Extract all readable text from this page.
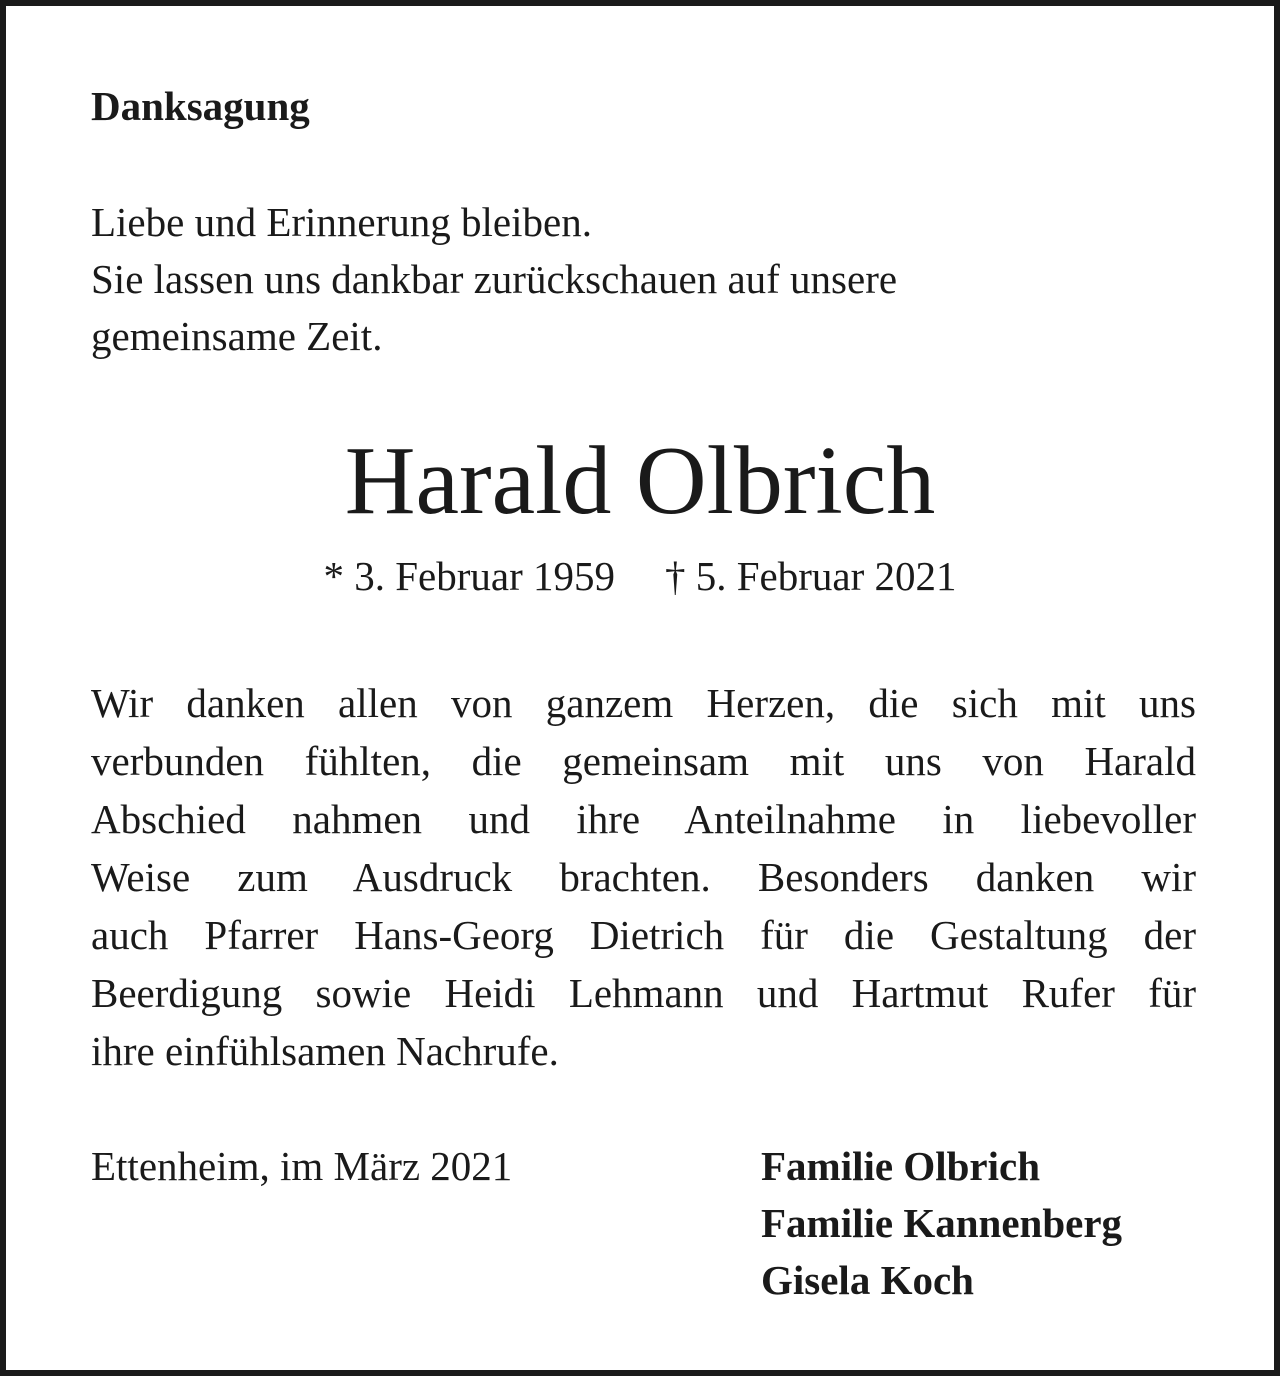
Danksagung
Liebe und Erinnerung bleiben.
Sie lassen uns dankbar zurückschauen auf unsere
gemeinsame Zeit.
Harald Olbrich
* 3. Februar 1959 † 5. Februar 2021
Wir danken allen von ganzem Herzen, die sich mit uns
verbunden fühlten, die gemeinsam mit uns von Harald
Abschied nahmen und ihre Anteilnahme in liebevoller
Weise zum Ausdruck brachten. Besonders danken wir
auch Pfarrer Hans-Georg Dietrich für die Gestaltung der
Beerdigung sowie Heidi Lehmann und Hartmut Rufer für
ihre einfühlsamen Nachrufe.
Ettenheim, im März 2021	Familie Olbrich
Familie Kannenberg
Gisela Koch
